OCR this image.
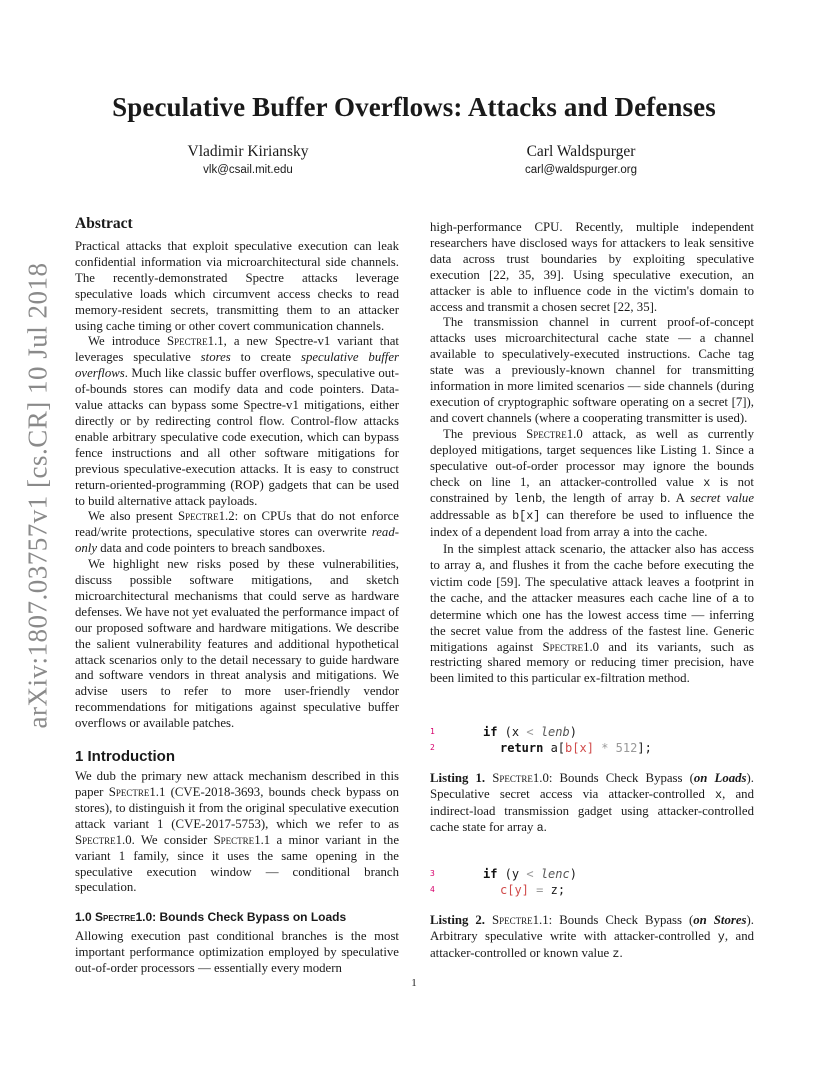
arXiv:1807.03757v1 [cs.CR] 10 Jul 2018
Speculative Buffer Overflows: Attacks and Defenses
Vladimir Kiriansky
vlk@csail.mit.edu
Carl Waldspurger
carl@waldspurger.org
Abstract

Practical attacks that exploit speculative execution can leak confidential information via microarchitectural side channels. The recently-demonstrated Spectre attacks leverage speculative loads which circumvent access checks to read memory-resident secrets, transmitting them to an attacker using cache timing or other covert communication channels.

We introduce Spectre1.1, a new Spectre-v1 variant that leverages speculative stores to create speculative buffer overflows. Much like classic buffer overflows, speculative out-of-bounds stores can modify data and code pointers. Data-value attacks can bypass some Spectre-v1 mitigations, either directly or by redirecting control flow. Control-flow attacks enable arbitrary speculative code execution, which can bypass fence instructions and all other software mitigations for previous speculative-execution attacks. It is easy to construct return-oriented-programming (ROP) gadgets that can be used to build alternative attack payloads.

We also present Spectre1.2: on CPUs that do not enforce read/write protections, speculative stores can overwrite read-only data and code pointers to breach sandboxes.

We highlight new risks posed by these vulnerabilities, discuss possible software mitigations, and sketch microarchitectural mechanisms that could serve as hardware defenses. We have not yet evaluated the performance impact of our proposed software and hardware mitigations. We describe the salient vulnerability features and additional hypothetical attack scenarios only to the detail necessary to guide hardware and software vendors in threat analysis and mitigations. We advise users to refer to more user-friendly vendor recommendations for mitigations against speculative buffer overflows or available patches.

1 Introduction

We dub the primary new attack mechanism described in this paper Spectre1.1 (CVE-2018-3693, bounds check bypass on stores), to distinguish it from the original speculative execution attack variant 1 (CVE-2017-5753), which we refer to as Spectre1.0. We consider Spectre1.1 a minor variant in the variant 1 family, since it uses the same opening in the speculative execution window — conditional branch speculation.

1.0 Spectre1.0: Bounds Check Bypass on Loads

Allowing execution past conditional branches is the most important performance optimization employed by speculative out-of-order processors — essentially every modern

high-performance CPU. Recently, multiple independent researchers have disclosed ways for attackers to leak sensitive data across trust boundaries by exploiting speculative execution [22, 35, 39]. Using speculative execution, an attacker is able to influence code in the victim's domain to access and transmit a chosen secret [22, 35].

The transmission channel in current proof-of-concept attacks uses microarchitectural cache state — a channel available to speculatively-executed instructions. Cache tag state was a previously-known channel for transmitting information in more limited scenarios — side channels (during execution of cryptographic software operating on a secret [7]), and covert channels (where a cooperating transmitter is used).

The previous Spectre1.0 attack, as well as currently deployed mitigations, target sequences like Listing 1. Since a speculative out-of-order processor may ignore the bounds check on line 1, an attacker-controlled value x is not constrained by lenb, the length of array b. A secret value addressable as b[x] can therefore be used to influence the index of a dependent load from array a into the cache.

In the simplest attack scenario, the attacker also has access to array a, and flushes it from the cache before executing the victim code [59]. The speculative attack leaves a footprint in the cache, and the attacker measures each cache line of a to determine which one has the lowest access time — inferring the secret value from the address of the fastest line. Generic mitigations against Spectre1.0 and its variants, such as restricting shared memory or reducing timer precision, have been limited to this particular ex-filtration method.

1

	if (x < lenb)

2

	return a[b[x] * 512];

Listing 1. Spectre1.0: Bounds Check Bypass (on Loads). Speculative secret access via attacker-controlled x, and indirect-load transmission gadget using attacker-controlled cache state for array a.

3

	if (y < lenc)

4

	c[y] = z;

Listing 2. Spectre1.1: Bounds Check Bypass (on Stores). Arbitrary speculative write with attacker-controlled y, and attacker-controlled or known value z.

1
